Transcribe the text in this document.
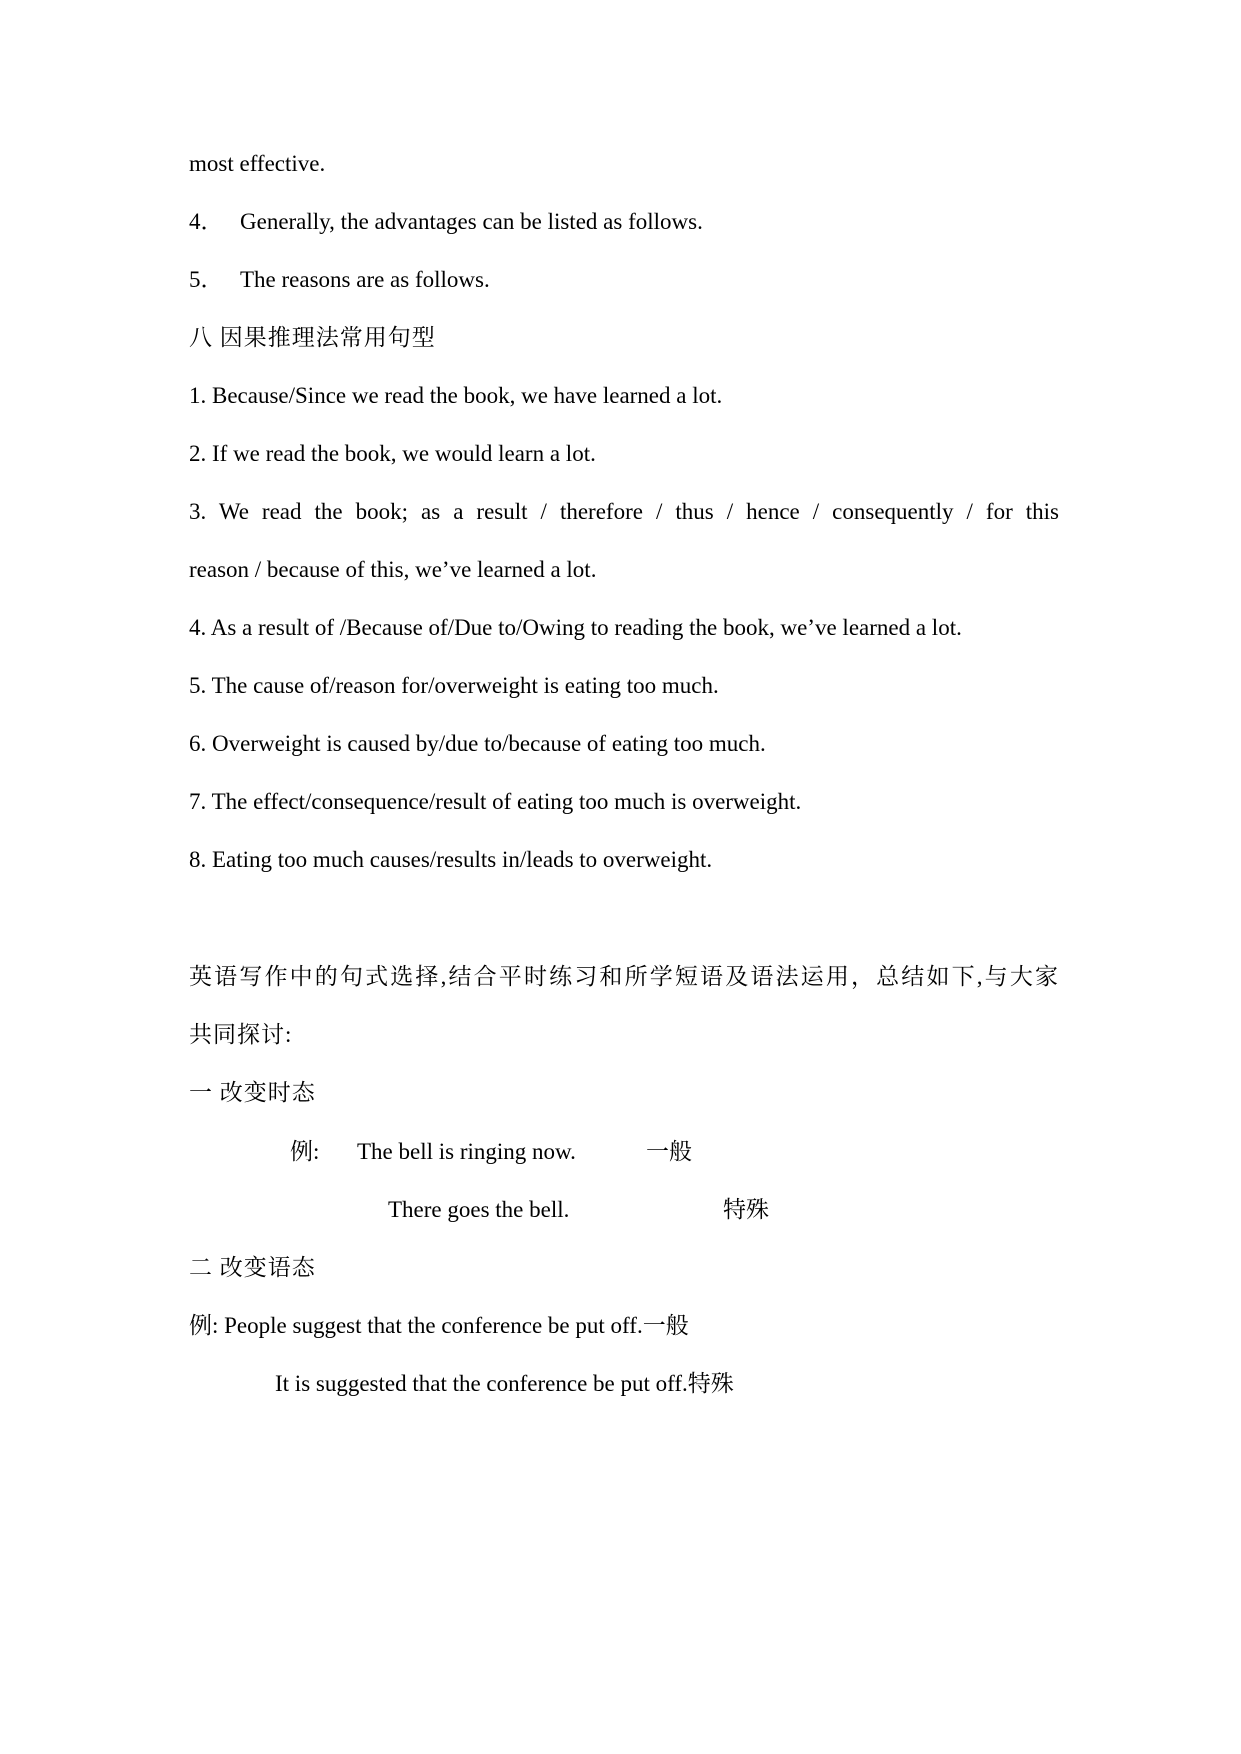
most effective.
4． Generally, the advantages can be listed as follows.
5． The reasons are as follows.
八 因果推理法常用句型
1. Because/Since we read the book, we have learned a lot.
2. If we read the book, we would learn a lot.
3. We read the book; as a result / therefore / thus / hence / consequently / for this
reason / because of this, we’ve learned a lot.
4. As a result of /Because of/Due to/Owing to reading the book, we’ve learned a lot.
5. The cause of/reason for/overweight is eating too much.
6. Overweight is caused by/due to/because of eating too much.
7. The effect/consequence/result of eating too much is overweight.
8. Eating too much causes/results in/leads to overweight.
英语写作中的句式选择,结合平时练习和所学短语及语法运用，总结如下,与大家
共同探讨:
一 改变时态
例: The bell is ringing now.	一般
There goes the bell.	特殊
二 改变语态
例: People suggest that the conference be put off.一般
It is suggested that the conference be put off.特殊
